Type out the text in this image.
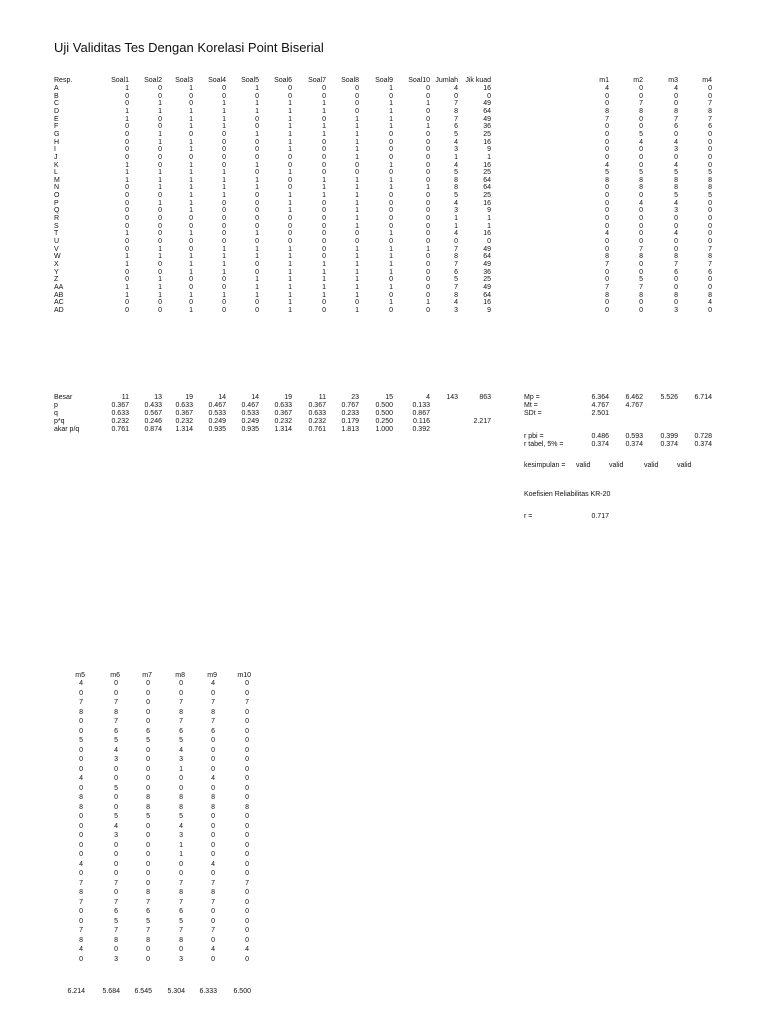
Uji Validitas Tes Dengan Korelasi Point Biserial
Resp.	Soal1 Soal2 Soal3 Soal4 Soal5 Soal6 Soal7 Soal8 Soal9 Soal10 Jumlah Jik kuad
A	1	0	1	0	1	0	0	0	1	0	4	16
B	0	0	0	0	0	0	0	0	0	0	0	0
C	0	1	0	1	1	1	1	0	1	1	7	49
D	1	1	1	1	1	1	1	0	1	0	8	64
E	1	0	1	1	0	1	0	1	1	0	7	49
F	0	0	1	1	0	1	1	1	1	1	6	36
G	0	1	0	0	1	1	1	1	0	0	5	25
H	0	1	1	0	0	1	0	1	0	0	4	16
I	0	0	1	0	0	1	0	1	0	0	3	9
J	0	0	0	0	0	0	0	1	0	0	1	1
K	1	0	1	0	1	0	0	0	1	0	4	16
L	1	1	1	1	0	1	0	0	0	0	5	25
M	1	1	1	1	1	0	1	1	1	0	8	64
N	0	1	1	1	1	0	1	1	1	1	8	64
O	0	0	1	1	0	1	1	1	0	0	5	25
P	0	1	1	0	0	1	0	1	0	0	4	16
Q	0	0	1	0	0	1	0	1	0	0	3	9
R	0	0	0	0	0	0	0	1	0	0	1	1
S	0	0	0	0	0	0	0	1	0	0	1	1
T	1	0	1	0	1	0	0	0	1	0	4	16
U	0	0	0	0	0	0	0	0	0	0	0	0
V	0	1	0	1	1	1	0	1	1	1	7	49
W	1	1	1	1	1	1	0	1	1	0	8	64
X	1	0	1	1	0	1	1	1	1	0	7	49
Y	0	0	1	1	0	1	1	1	1	0	6	36
Z	0	1	0	0	1	1	1	1	0	0	5	25
AA	1	1	0	0	1	1	1	1	1	0	7	49
AB	1	1	1	1	1	1	1	1	0	0	8	64
AC	0	0	0	0	0	1	0	0	1	1	4	16
AD	0	0	1	0	0	1	0	1	0	0	3	9
Besar	11	13	19	14	14	19	11	23	15	4 143	863
p	0.367 0.433 0.633 0.467 0.467 0.633 0.367 0.767 0.500	0.133
q	0.633 0.567 0.367 0.533 0.533 0.367 0.633 0.233 0.500	0.867
p*q	0.232 0.246 0.232 0.249 0.249 0.232 0.232 0.179 0.250	0.116	2.217
akar p/q	0.761 0.874 1.314 0.935 0.935 1.314 0.761 1.813 1.000	0.392
m1	m2	m3	m4
4	0	4	0
0	0	0	0
0	7	0	7
8	8	8	8
7	0	7	7
0	0	6	6
0	5	0	0
0	4	4	0
0	0	3	0
0	0	0	0
4	0	4	0
5	5	5	5
8	8	8	8
0	8	8	8
0	0	5	5
0	4	4	0
0	0	3	0
0	0	0	0
0	0	0	0
4	0	4	0
0	0	0	0
0	7	0	7
8	8	8	8
7	0	7	7
0	0	6	6
0	5	0	0
7	7	0	0
8	8	8	8
0	0	0	4
0	0	3	0
Mp =	6.364 6.462 5.526 6.714
Mt =	4.767 4.767
SDt =	2.501
r pbi =	0.486 0.593 0.399 0.728
r tabel, 5% =	0.374 0.374 0.374 0.374
kesimpulan = valid	valid	valid	valid
Koefisien Reliabilitas KR-20
r =	0.717
m5	m6	m7	m8	m9	m10
4	0	0	0	4	0
0	0	0	0	0	0
7	7	0	7	7	7
8	8	0	8	8	0
0	7	0	7	7	0
0	6	6	6	6	0
5	5	5	5	0	0
0	4	0	4	0	0
0	3	0	3	0	0
0	0	0	1	0	0
4	0	0	0	4	0
0	5	0	0	0	0
8	0	8	8	8	0
8	0	8	8	8	8
0	5	5	5	0	0
0	4	0	4	0	0
0	3	0	3	0	0
0	0	0	1	0	0
0	0	0	1	0	0
4	0	0	0	4	0
0	0	0	0	0	0
7	7	0	7	7	7
8	0	8	8	8	0
7	7	7	7	7	0
0	6	6	6	0	0
0	5	5	5	0	0
7	7	7	7	7	0
8	8	8	8	0	0
4	0	0	0	4	4
0	3	0	3	0	0
6.214 5.684 6.545 5.304 6.333 6.500
